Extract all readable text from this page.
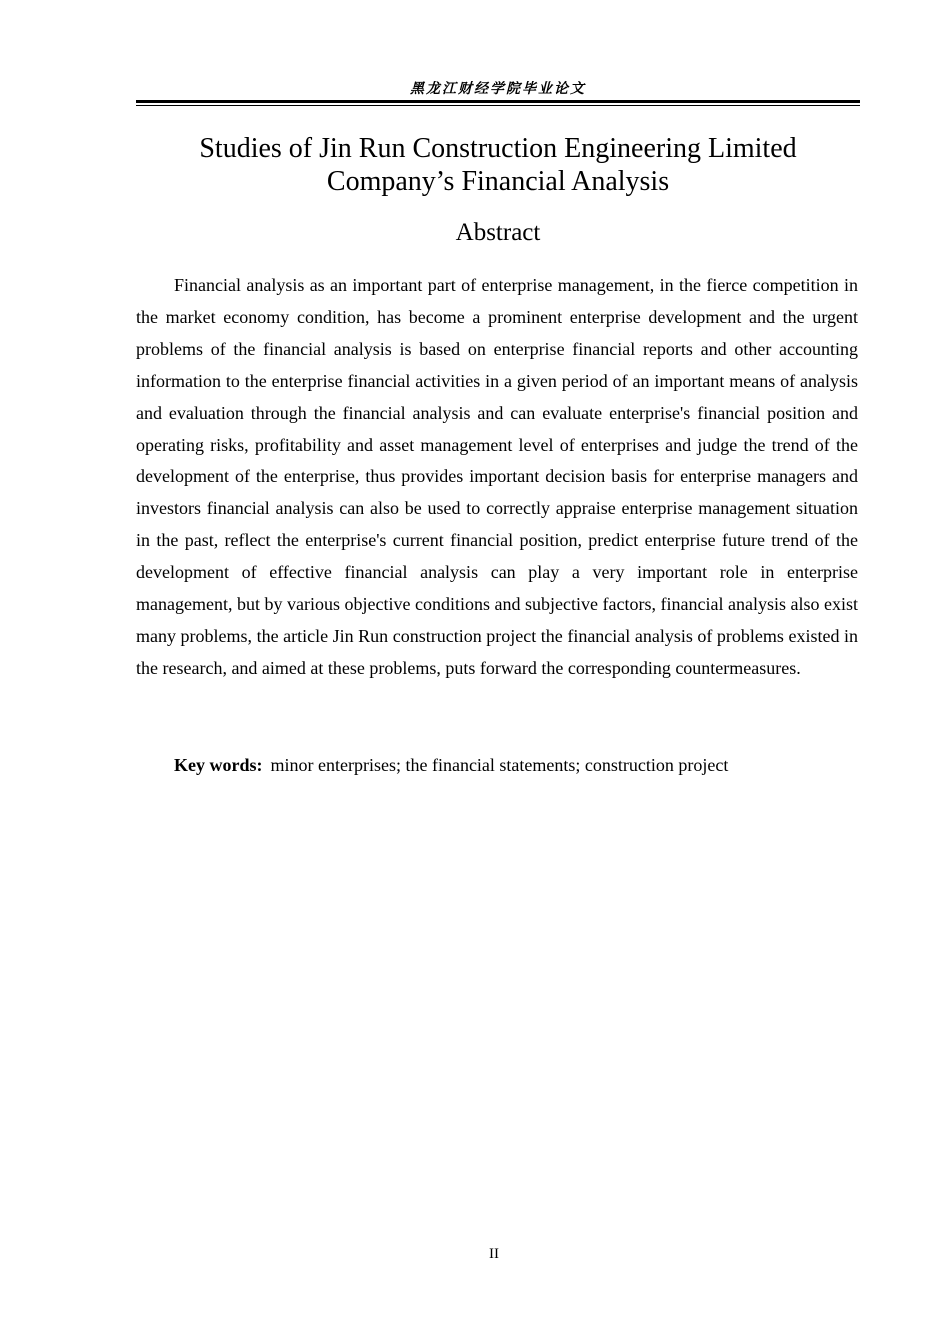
黑龙江财经学院毕业论文
Studies of Jin Run Construction Engineering Limited
Company’s Financial Analysis
Abstract

Financial analysis as an important part of enterprise management, in the fierce competition in the market economy condition, has become a prominent enterprise development and the urgent problems of the financial analysis is based on enterprise financial reports and other accounting information to the enterprise financial activities in a given period of an important means of analysis and evaluation through the financial analysis and can evaluate enterprise's financial position and operating risks, profitability and asset management level of enterprises and judge the trend of the development of the enterprise, thus provides important decision basis for enterprise managers and investors financial analysis can also be used to correctly appraise enterprise management situation in the past, reflect the enterprise's current financial position, predict enterprise future trend of the development of effective financial analysis can play a very important role in enterprise management, but by various objective conditions and subjective factors, financial analysis also exist many problems, the article Jin Run construction project the financial analysis of problems existed in the research, and aimed at these problems, puts forward the corresponding countermeasures.

Key words: minor enterprises; the financial statements; construction project

II
